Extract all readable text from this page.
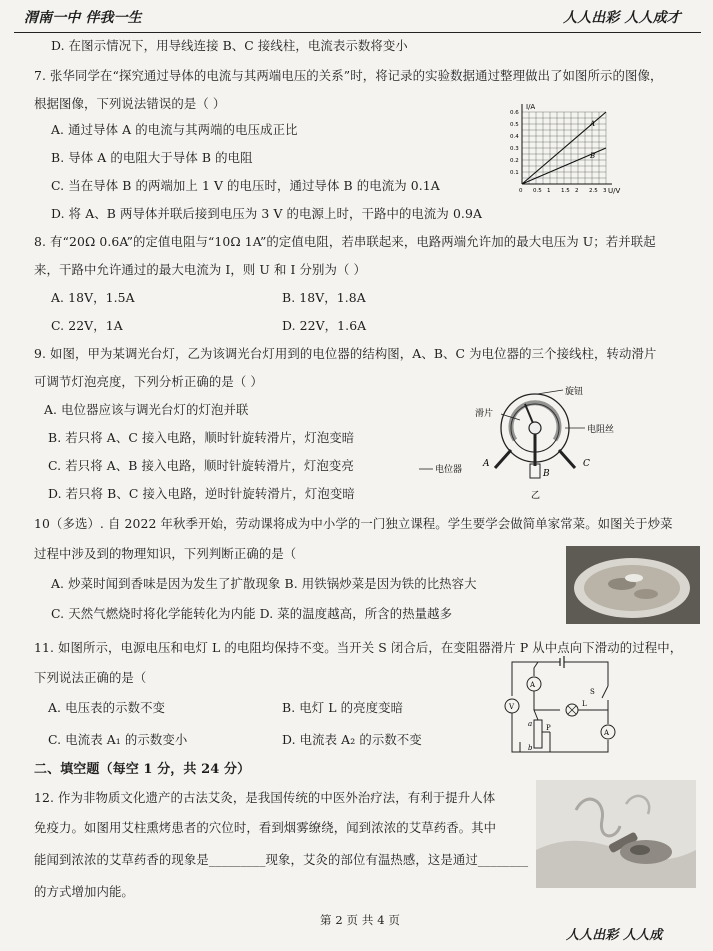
渭南一中 伴我一生	人人出彩 人人成才
D. 在图示情况下，用导线连接 B、C 接线柱，电流表示数将变小
7. 张华同学在“探究通过导体的电流与其两端电压的关系”时，将记录的实验数据通过整理做出了如图所示的图像，
根据图像，下列说法错误的是（ ）
A. 通过导体 A 的电流与其两端的电压成正比
B. 导体 A 的电阻大于导体 B 的电阻
C. 当在导体 B 的两端加上 1 V 的电压时，通过导体 B 的电流为 0.1A
D. 将 A、B 两导体并联后接到电压为 3 V 的电源上时，干路中的电流为 0.9A
A
B
0 0.5 1 1.5 2 2.5 3
0.1
0.2
0.3
0.4
0.5
0.6
I/A
U/V
8. 有“20Ω 0.6A”的定值电阻与“10Ω 1A”的定值电阻，若串联起来，电路两端允许加的最大电压为 U；若并联起
来，干路中允许通过的最大电流为 I，则 U 和 I 分别为（ ）
A. 18V，1.5A	B. 18V，1.8A
C. 22V，1A	D. 22V，1.6A
9. 如图，甲为某调光台灯，乙为该调光台灯用到的电位器的结构图，A、B、C 为电位器的三个接线柱，转动滑片
可调节灯泡亮度，下列分析正确的是（ ）
A. 电位器应该与调光台灯的灯泡并联
B. 若只将 A、C 接入电路，顺时针旋转滑片，灯泡变暗
C. 若只将 A、B 接入电路，顺时针旋转滑片，灯泡变亮
D. 若只将 B、C 接入电路，逆时针旋转滑片，灯泡变暗
旋钮
滑片
电阻丝
电位器
A
B
C
乙
10（多选）. 自 2022 年秋季开始，劳动课将成为中小学的一门独立课程。学生要学会做简单家常菜。如图关于炒菜
过程中涉及到的物理知识，下列判断正确的是（
A. 炒菜时闻到香味是因为发生了扩散现象 B. 用铁锅炒菜是因为铁的比热容大
C. 天然气燃烧时将化学能转化为内能 D. 菜的温度越高，所含的热量越多
11. 如图所示，电源电压和电灯 L 的电阻均保持不变。当开关 S 闭合后，在变阻器滑片 P 从中点向下滑动的过程中，
下列说法正确的是（
A. 电压表的示数不变	B. 电灯 L 的亮度变暗
C. 电流表 A₁ 的示数变小	D. 电流表 A₂ 的示数不变
A
A
V
S
P
a
b
L
二、填空题（每空 1 分，共 24 分）
12. 作为非物质文化遗产的古法艾灸，是我国传统的中医外治疗法，有利于提升人体
免疫力。如图用艾柱熏烤患者的穴位时，看到烟雾缭绕，闻到浓浓的艾草药香。其中
能闻到浓浓的艾草药香的现象是_________现象，艾灸的部位有温热感，这是通过________
的方式增加内能。
第 2 页 共 4 页
人人出彩 人人成
